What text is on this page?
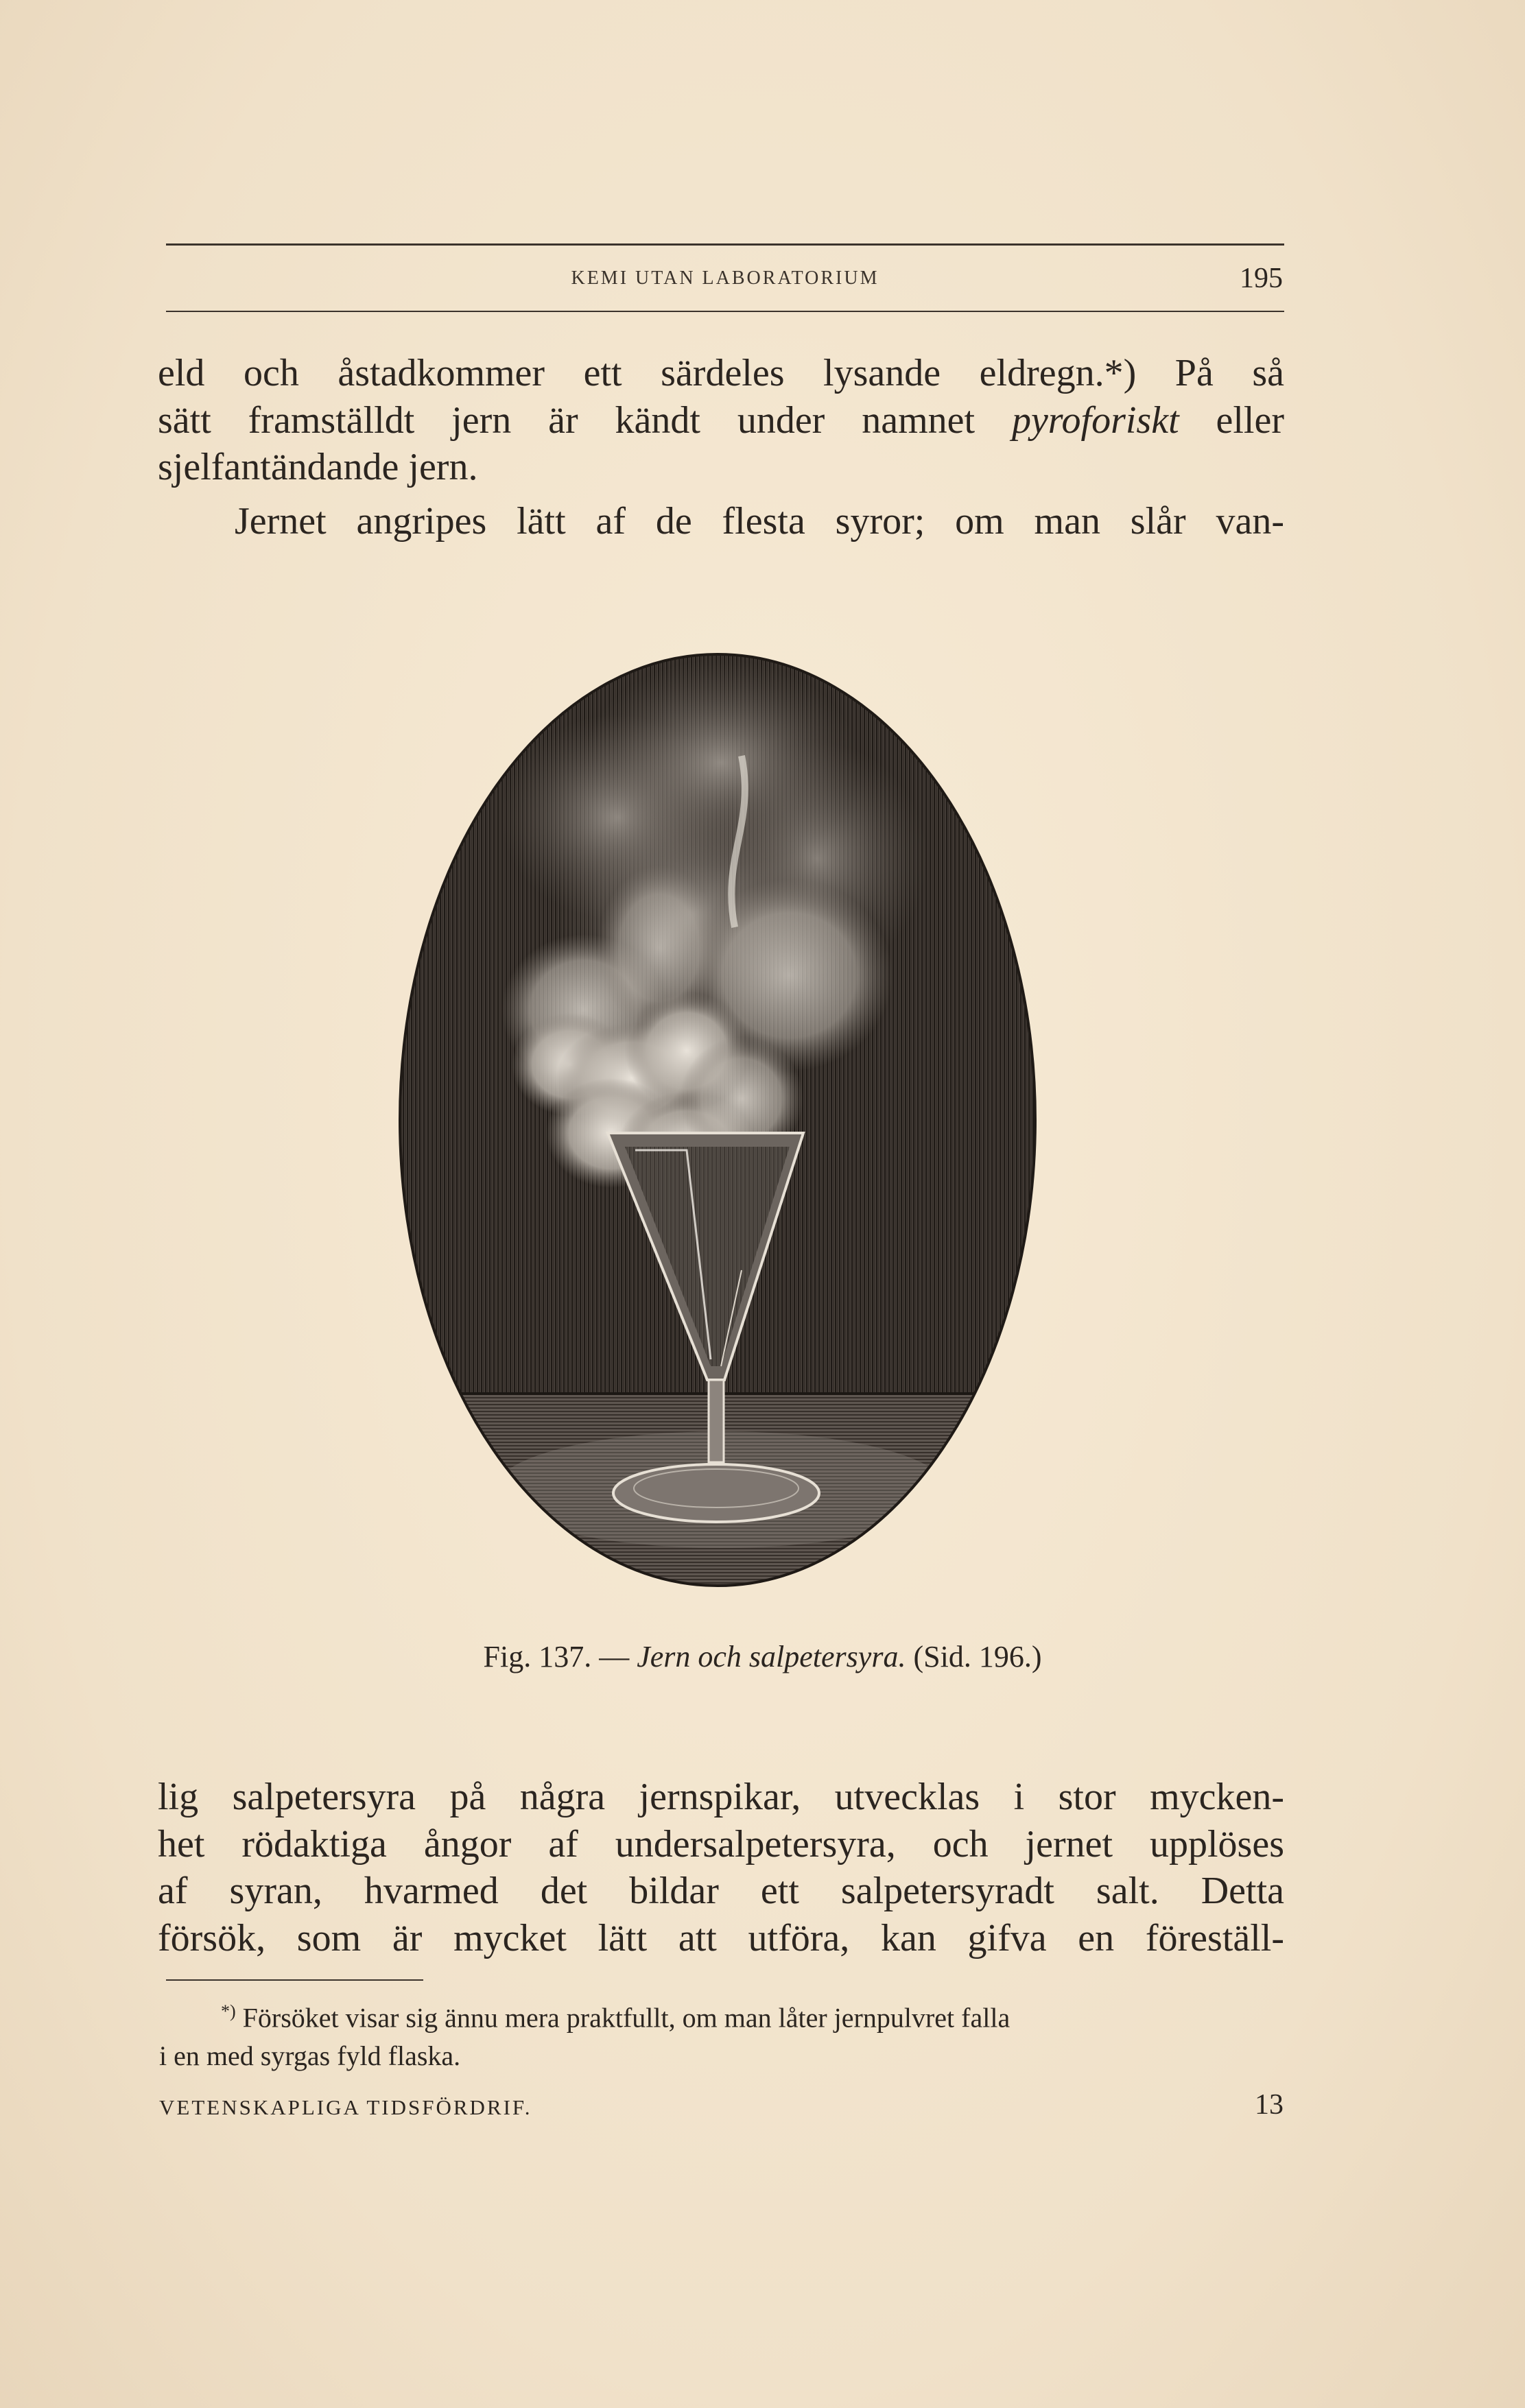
KEMI UTAN LABORATORIUM	195
eld och åstadkommer ett särdeles lysande eldregn.*) På så
sätt framställdt jern är kändt under namnet pyroforiskt eller
sjelfantändande jern.
Jernet angripes lätt af de flesta syror; om man slår van-
Fig. 137. — Jern och salpetersyra. (Sid. 196.)
lig salpetersyra på några jernspikar, utvecklas i stor mycken-
het rödaktiga ångor af undersalpetersyra, och jernet upplöses
af syran, hvarmed det bildar ett salpetersyradt salt. Detta
försök, som är mycket lätt att utföra, kan gifva en föreställ-
*) Försöket visar sig ännu mera praktfullt, om man låter jernpulvret falla
i en med syrgas fyld flaska.
VETENSKAPLIGA TIDSFÖRDRIF.	13
